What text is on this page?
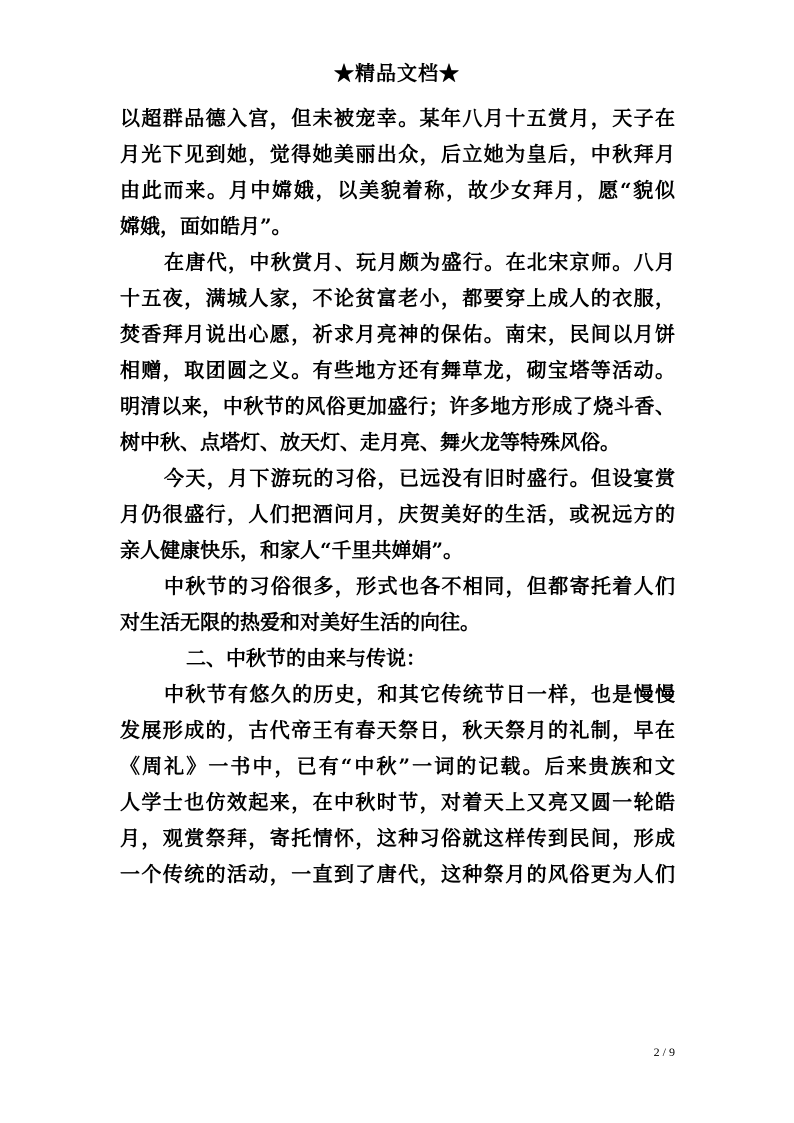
★精品文档★
以超群品德入宫，但未被宠幸。某年八月十五赏月，天子在
月光下见到她，觉得她美丽出众，后立她为皇后，中秋拜月
由此而来。月中嫦娥，以美貌着称，故少女拜月，愿“貌似
嫦娥，面如皓月”。
在唐代，中秋赏月、玩月颇为盛行。在北宋京师。八月
十五夜，满城人家，不论贫富老小，都要穿上成人的衣服，
焚香拜月说出心愿，祈求月亮神的保佑。南宋，民间以月饼
相赠，取团圆之义。有些地方还有舞草龙，砌宝塔等活动。
明清以来，中秋节的风俗更加盛行；许多地方形成了烧斗香、
树中秋、点塔灯、放天灯、走月亮、舞火龙等特殊风俗。
今天，月下游玩的习俗，已远没有旧时盛行。但设宴赏
月仍很盛行，人们把酒问月，庆贺美好的生活，或祝远方的
亲人健康快乐，和家人“千里共婵娟”。
中秋节的习俗很多，形式也各不相同，但都寄托着人们
对生活无限的热爱和对美好生活的向往。
二、中秋节的由来与传说：
中秋节有悠久的历史，和其它传统节日一样，也是慢慢
发展形成的，古代帝王有春天祭日，秋天祭月的礼制，早在
《周礼》一书中，已有“中秋”一词的记载。后来贵族和文
人学士也仿效起来，在中秋时节，对着天上又亮又圆一轮皓
月，观赏祭拜，寄托情怀，这种习俗就这样传到民间，形成
一个传统的活动，一直到了唐代，这种祭月的风俗更为人们
2 / 9
